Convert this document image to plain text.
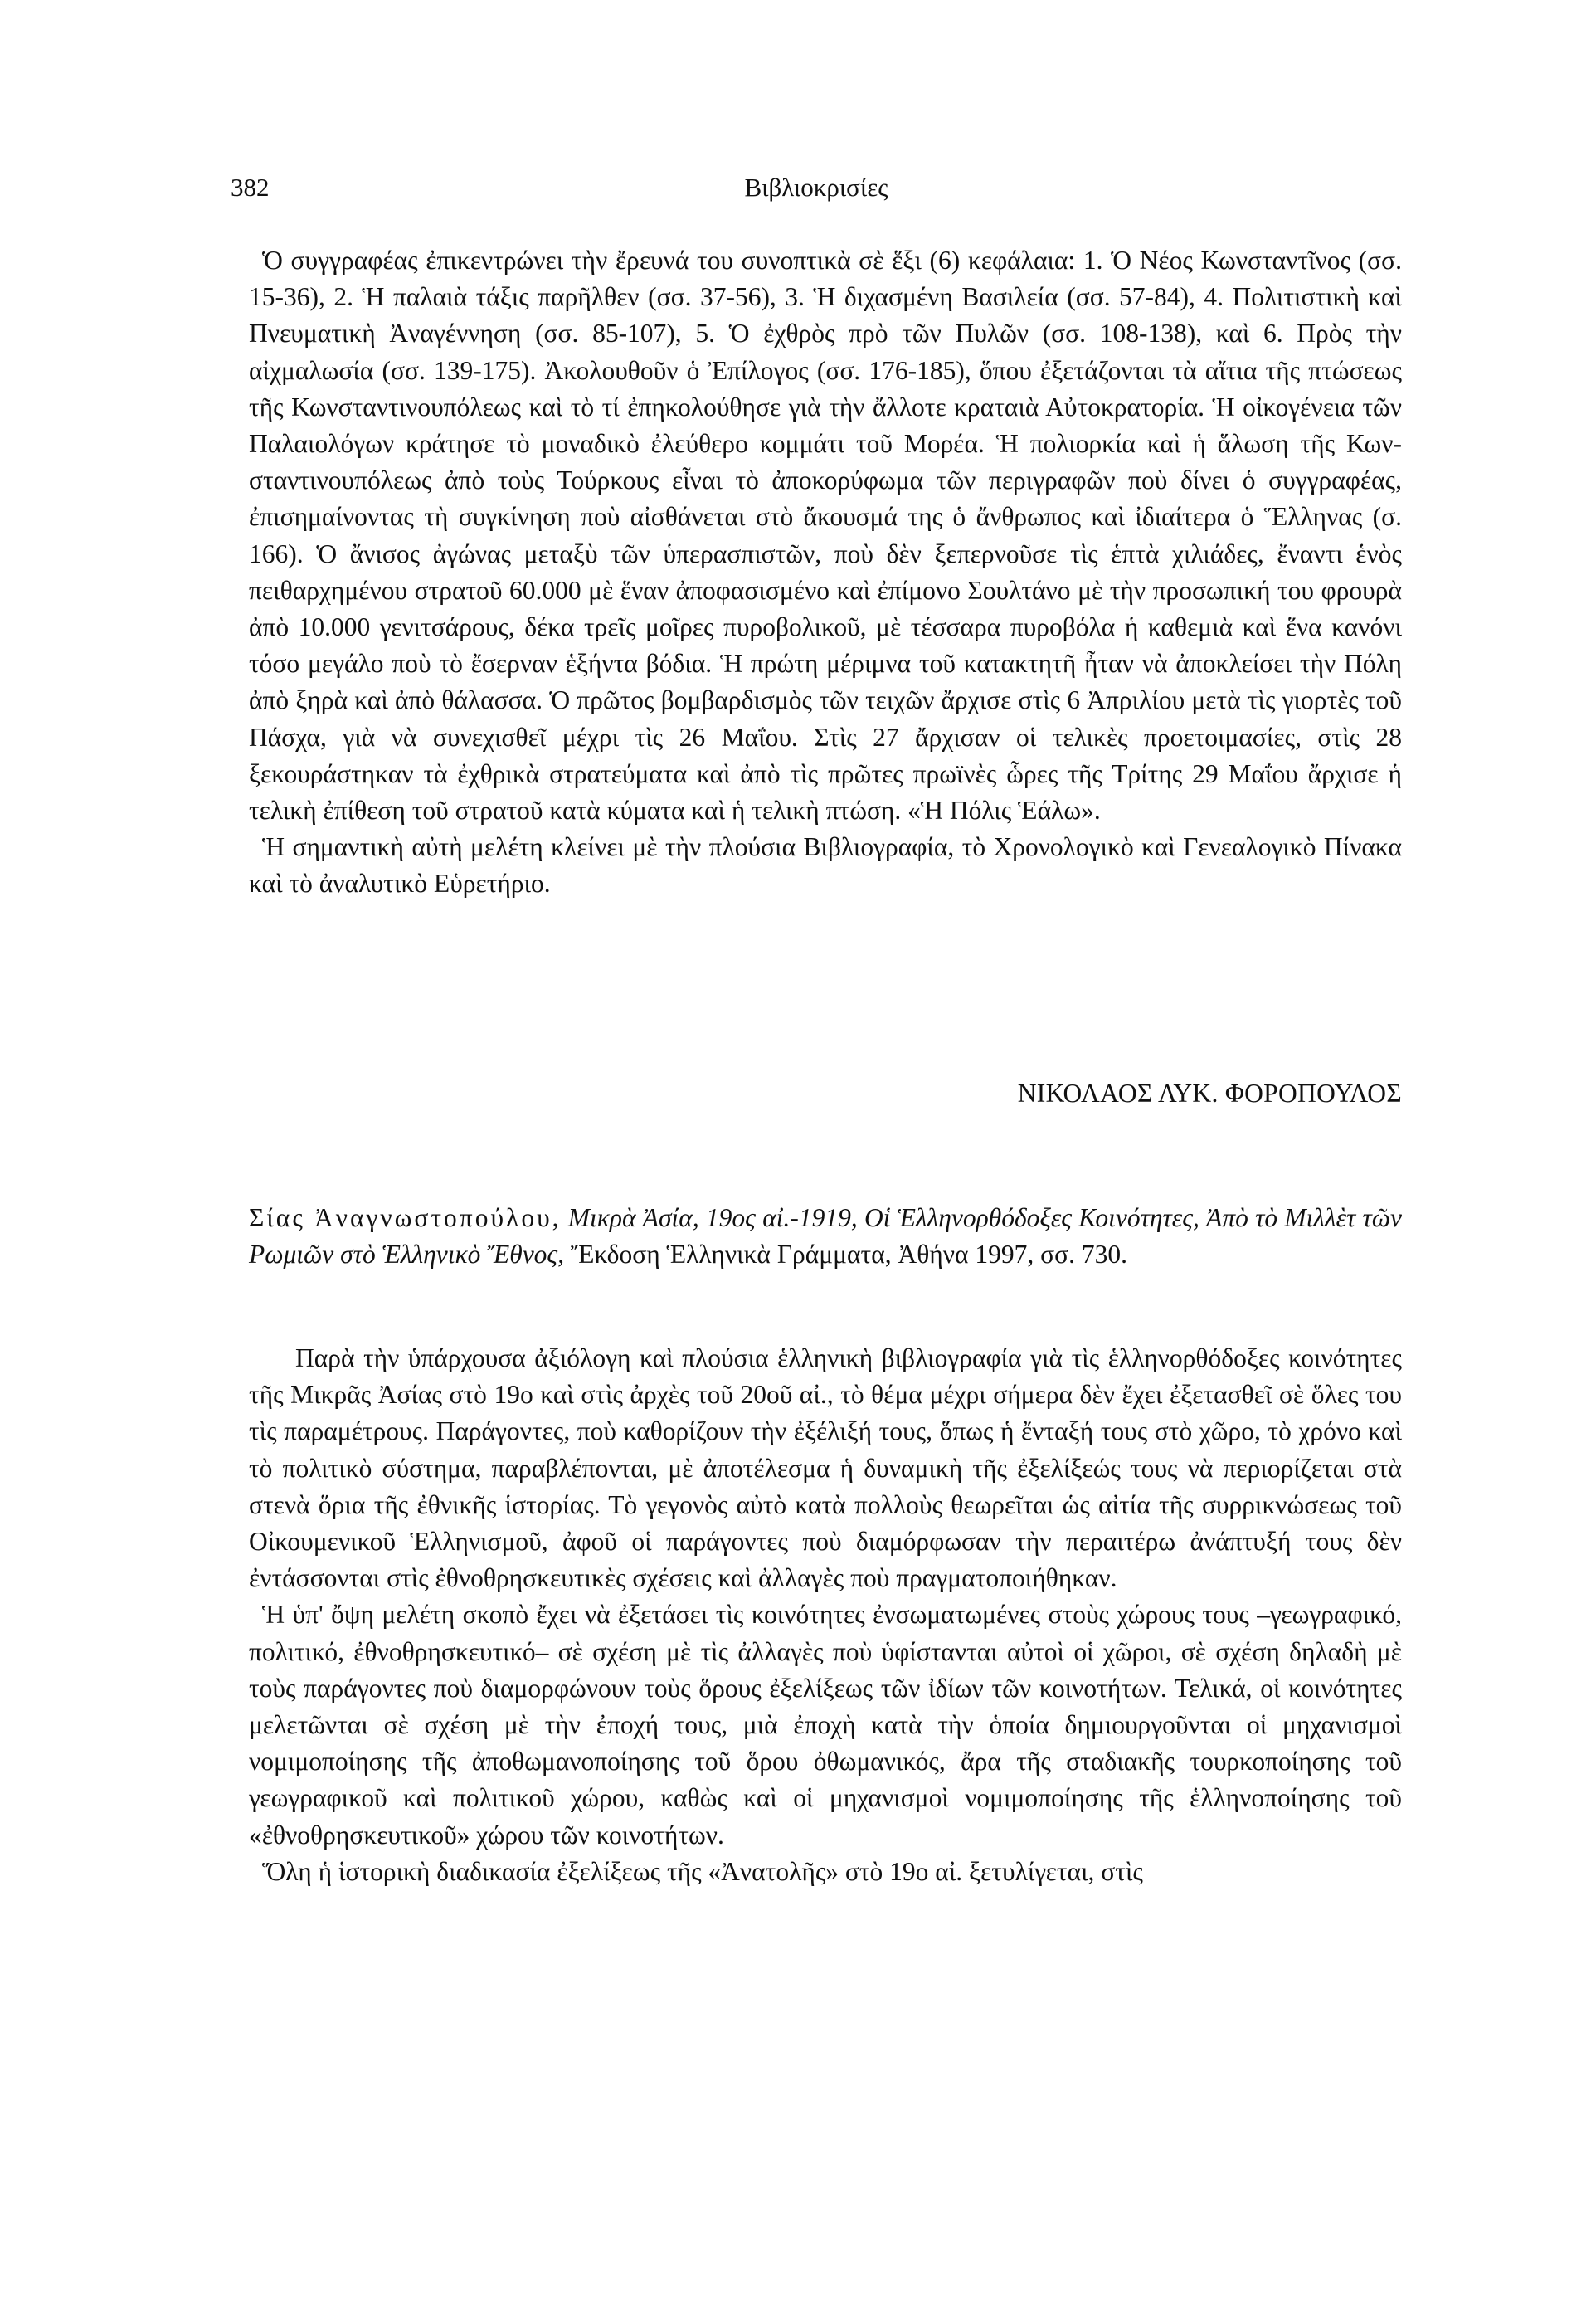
382	Βιβλιοκρισίες

Ὁ συγγραφέας ἐπικεντρώνει τὴν ἔρευνά του συνοπτικὰ σὲ ἕξι (6) κεφάλαια: 1. Ὁ Νέος Κωνσταντῖνος (σσ. 15-36), 2. Ἡ παλαιὰ τάξις παρῆλθεν (σσ. 37-56), 3. Ἡ διχασμένη Βασιλεία (σσ. 57-84), 4. Πολιτιστικὴ καὶ Πνευματικὴ Ἀναγέννηση (σσ. 85-107), 5. Ὁ ἐχθρὸς πρὸ τῶν Πυλῶν (σσ. 108-138), καὶ 6. Πρὸς τὴν αἰχμαλωσία (σσ. 139-175). Ἀκολουθοῦν ὁ Ἐπίλογος (σσ. 176-185), ὅπου ἐξετάζονται τὰ αἴτια τῆς πτώσεως τῆς Κωνσταντινουπόλεως καὶ τὸ τί ἐπηκολούθησε γιὰ τὴν ἄλλοτε κραταιὰ Αὐτοκρατορία. Ἡ οἰκογένεια τῶν Παλαιολόγων κράτησε τὸ μοναδικὸ ἐλεύθερο κομμάτι τοῦ Μορέα. Ἡ πολιορκία καὶ ἡ ἅλωση τῆς Κωνσταντινουπόλεως ἀπὸ τοὺς Τούρκους εἶναι τὸ ἀποκορύφωμα τῶν περιγραφῶν ποὺ δίνει ὁ συγγραφέας, ἐπισημαίνοντας τὴ συγκίνηση ποὺ αἰσθάνεται στὸ ἄκουσμά της ὁ ἄνθρωπος καὶ ἰδιαίτερα ὁ Ἕλληνας (σ. 166). Ὁ ἄνισος ἀγώνας μεταξὺ τῶν ὑπερασπιστῶν, ποὺ δὲν ξεπερνοῦσε τὶς ἑπτὰ χιλιάδες, ἔναντι ἑνὸς πειθαρχημένου στρατοῦ 60.000 μὲ ἕναν ἀποφασισμένο καὶ ἐπίμονο Σουλτάνο μὲ τὴν προσωπική του φρουρὰ ἀπὸ 10.000 γενιτσάρους, δέκα τρεῖς μοῖρες πυροβολικοῦ, μὲ τέσσαρα πυροβόλα ἡ καθεμιὰ καὶ ἕνα κανόνι τόσο μεγάλο ποὺ τὸ ἔσερναν ἑξήντα βόδια. Ἡ πρώτη μέριμνα τοῦ κατακτητῆ ἦταν νὰ ἀποκλείσει τὴν Πόλη ἀπὸ ξηρὰ καὶ ἀπὸ θάλασσα. Ὁ πρῶτος βομβαρδισμὸς τῶν τειχῶν ἄρχισε στὶς 6 Ἀπριλίου μετὰ τὶς γιορτὲς τοῦ Πάσχα, γιὰ νὰ συνεχισθεῖ μέχρι τὶς 26 Μαΐου. Στὶς 27 ἄρχισαν οἱ τελικὲς προετοιμασίες, στὶς 28 ξεκουράστηκαν τὰ ἐχθρικὰ στρατεύματα καὶ ἀπὸ τὶς πρῶτες πρωϊνὲς ὧρες τῆς Τρίτης 29 Μαΐου ἄρχισε ἡ τελικὴ ἐπίθεση τοῦ στρατοῦ κατὰ κύματα καὶ ἡ τελικὴ πτώση. «Ἡ Πόλις Ἑάλω».

Ἡ σημαντικὴ αὐτὴ μελέτη κλείνει μὲ τὴν πλούσια Βιβλιογραφία, τὸ Χρονολογικὸ καὶ Γενεαλογικὸ Πίνακα καὶ τὸ ἀναλυτικὸ Εὑρετήριο.

ΝΙΚΟΛΑΟΣ ΛΥΚ. ΦΟΡΟΠΟΥΛΟΣ
Σίας Ἀναγνωστοπούλου, Μικρὰ Ἀσία, 19ος αἰ.-1919, Οἱ Ἑλληνορθόδοξες Κοινότητες, Ἀπὸ τὸ Μιλλὲτ τῶν Ρωμιῶν στὸ Ἑλληνικὸ Ἔθνος, Ἔκδοση Ἑλληνικὰ Γράμματα, Ἀθήνα 1997, σσ. 730.

Παρὰ τὴν ὑπάρχουσα ἀξιόλογη καὶ πλούσια ἑλληνικὴ βιβλιογραφία γιὰ τὶς ἑλληνορθόδοξες κοινότητες τῆς Μικρᾶς Ἀσίας στὸ 19ο καὶ στὶς ἀρχὲς τοῦ 20οῦ αἰ., τὸ θέμα μέχρι σήμερα δὲν ἔχει ἐξετασθεῖ σὲ ὅλες του τὶς παραμέτρους. Παράγοντες, ποὺ καθορίζουν τὴν ἐξέλιξή τους, ὅπως ἡ ἔνταξή τους στὸ χῶρο, τὸ χρόνο καὶ τὸ πολιτικὸ σύστημα, παραβλέπονται, μὲ ἀποτέλεσμα ἡ δυναμικὴ τῆς ἐξελίξεώς τους νὰ περιορίζεται στὰ στενὰ ὅρια τῆς ἐθνικῆς ἱστορίας. Τὸ γεγονὸς αὐτὸ κατὰ πολλοὺς θεωρεῖται ὡς αἰτία τῆς συρρικνώσεως τοῦ Οἰκουμενικοῦ Ἑλληνισμοῦ, ἀφοῦ οἱ παράγοντες ποὺ διαμόρφωσαν τὴν περαιτέρω ἀνάπτυξή τους δὲν ἐντάσσονται στὶς ἐθνοθρησκευτικὲς σχέσεις καὶ ἀλλαγὲς ποὺ πραγματοποιήθηκαν.

Ἡ ὑπ' ὄψη μελέτη σκοπὸ ἔχει νὰ ἐξετάσει τὶς κοινότητες ἐνσωματωμένες στοὺς χώρους τους –γεωγραφικό, πολιτικό, ἐθνοθρησκευτικό– σὲ σχέση μὲ τὶς ἀλλαγὲς ποὺ ὑφίστανται αὐτοὶ οἱ χῶροι, σὲ σχέση δηλαδὴ μὲ τοὺς παράγοντες ποὺ διαμορφώνουν τοὺς ὅρους ἐξελίξεως τῶν ἰδίων τῶν κοινοτήτων. Τελικά, οἱ κοινότητες μελετῶνται σὲ σχέση μὲ τὴν ἐποχή τους, μιὰ ἐποχὴ κατὰ τὴν ὁποία δημιουργοῦνται οἱ μηχανισμοὶ νομιμοποίησης τῆς ἀποθωμανοποίησης τοῦ ὅρου ὀθωμανικός, ἄρα τῆς σταδιακῆς τουρκοποίησης τοῦ γεωγραφικοῦ καὶ πολιτικοῦ χώρου, καθὼς καὶ οἱ μηχανισμοὶ νομιμοποίησης τῆς ἑλληνοποίησης τοῦ «ἐθνοθρησκευτικοῦ» χώρου τῶν κοινοτήτων.

Ὅλη ἡ ἱστορικὴ διαδικασία ἐξελίξεως τῆς «Ἀνατολῆς» στὸ 19ο αἰ. ξετυλίγεται, στὶς
